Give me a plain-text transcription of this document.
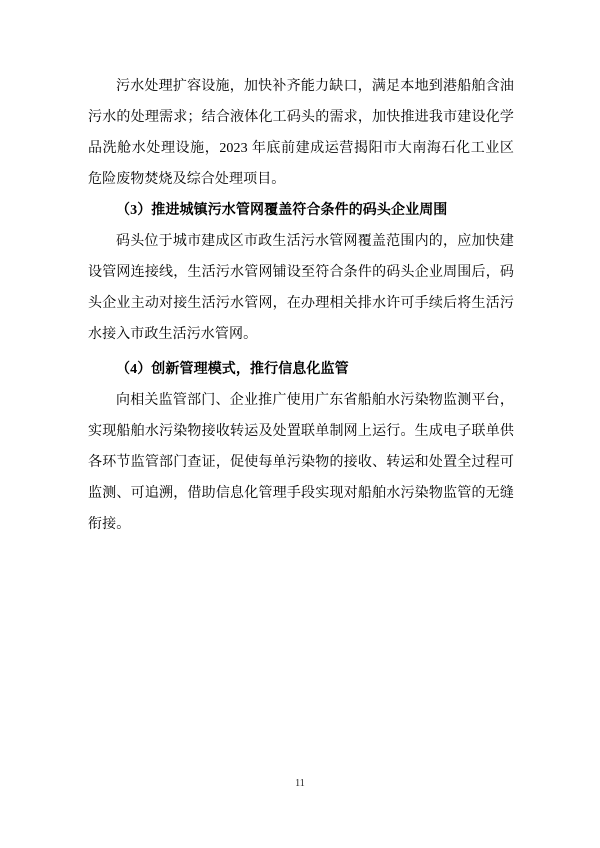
污水处理扩容设施，加快补齐能力缺口，满足本地到港船舶含油污水的处理需求；结合液体化工码头的需求，加快推进我市建设化学品洗舱水处理设施，2023 年底前建成运营揭阳市大南海石化工业区危险废物焚烧及综合处理项目。

（3）推进城镇污水管网覆盖符合条件的码头企业周围

码头位于城市建成区市政生活污水管网覆盖范围内的，应加快建设管网连接线，生活污水管网铺设至符合条件的码头企业周围后，码头企业主动对接生活污水管网，在办理相关排水许可手续后将生活污水接入市政生活污水管网。

（4）创新管理模式，推行信息化监管

向相关监管部门、企业推广使用广东省船舶水污染物监测平台，实现船舶水污染物接收转运及处置联单制网上运行。生成电子联单供各环节监管部门查证，促使每单污染物的接收、转运和处置全过程可监测、可追溯，借助信息化管理手段实现对船舶水污染物监管的无缝衔接。

11
